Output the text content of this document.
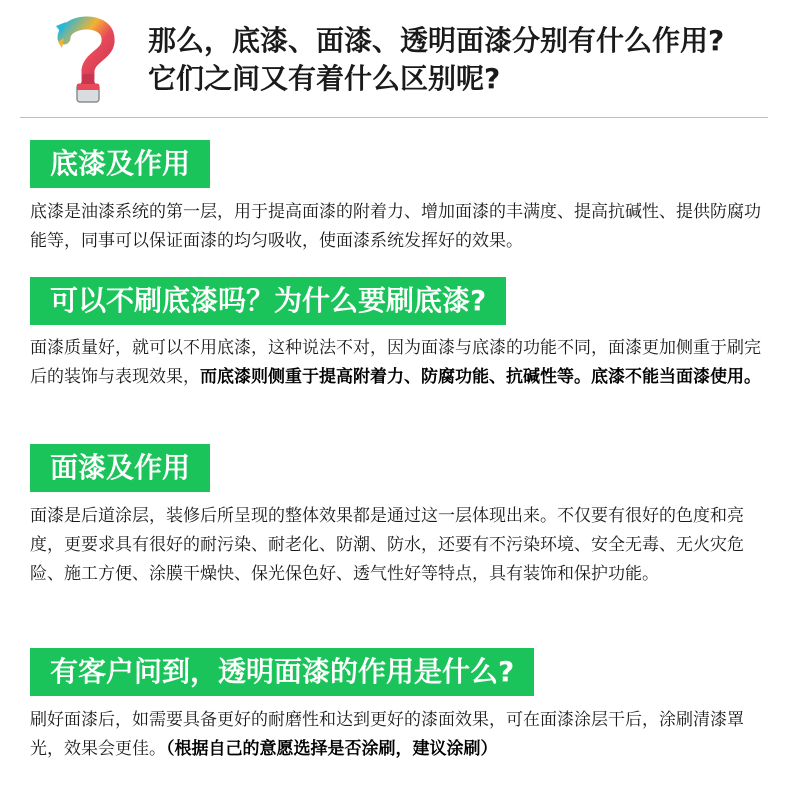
那么，底漆、面漆、透明面漆分别有什么作用?
它们之间又有着什么区别呢?
底漆及作用
底漆是油漆系统的第一层，用于提高面漆的附着力、增加面漆的丰满度、提高抗碱性、提供防腐功能等，同事可以保证面漆的均匀吸收，使面漆系统发挥好的效果。
可以不刷底漆吗？为什么要刷底漆?
面漆质量好，就可以不用底漆，这种说法不对，因为面漆与底漆的功能不同，面漆更加侧重于刷完后的装饰与表现效果，而底漆则侧重于提高附着力、防腐功能、抗碱性等。底漆不能当面漆使用。
面漆及作用
面漆是后道涂层，装修后所呈现的整体效果都是通过这一层体现出来。不仅要有很好的色度和亮度，更要求具有很好的耐污染、耐老化、防潮、防水，还要有不污染环境、安全无毒、无火灾危险、施工方便、涂膜干燥快、保光保色好、透气性好等特点，具有装饰和保护功能。
有客户问到，透明面漆的作用是什么?
刷好面漆后，如需要具备更好的耐磨性和达到更好的漆面效果，可在面漆涂层干后，涂刷清漆罩光，效果会更佳。（根据自己的意愿选择是否涂刷，建议涂刷）
